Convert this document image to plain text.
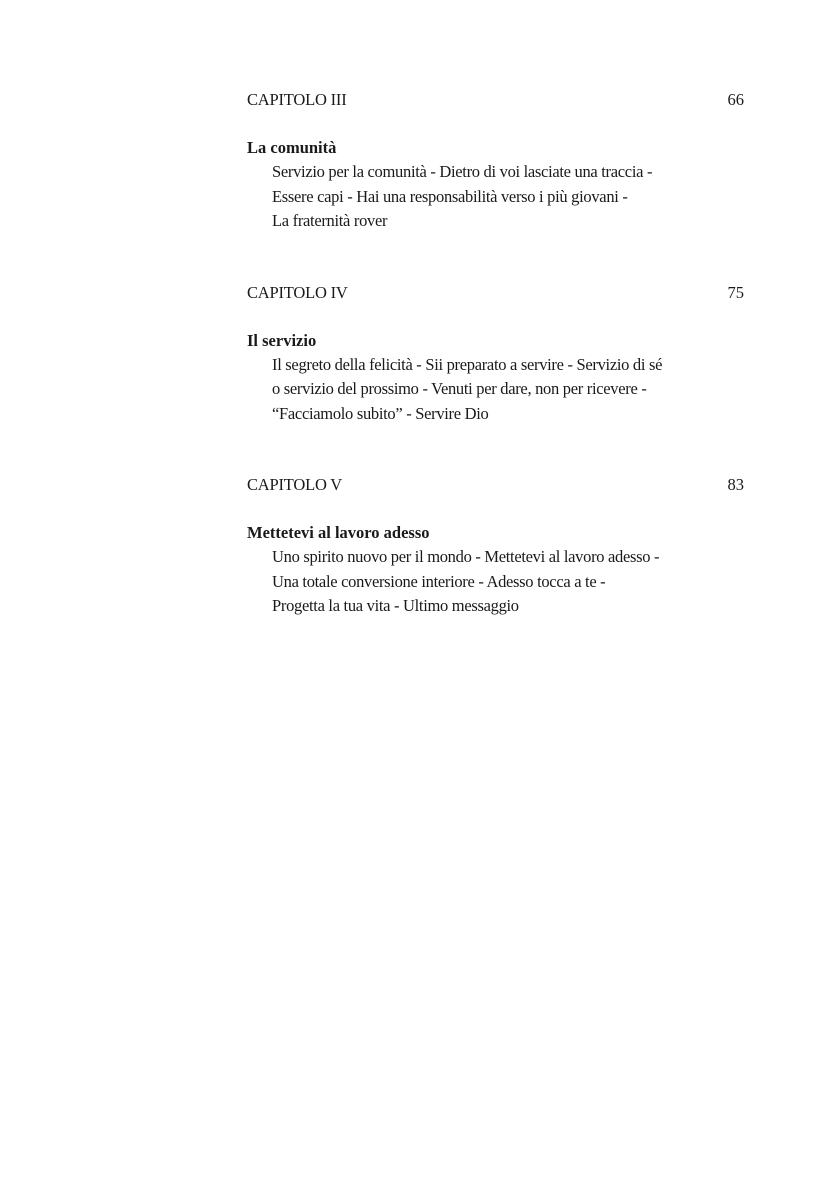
CAPITOLO III	66
La comunità
Servizio per la comunità - Dietro di voi lasciate una traccia -
Essere capi - Hai una responsabilità verso i più giovani -
La fraternità rover
CAPITOLO IV	75
Il servizio
Il segreto della felicità - Sii preparato a servire - Servizio di sé
o servizio del prossimo - Venuti per dare, non per ricevere -
“Facciamolo subito” - Servire Dio
CAPITOLO V	83
Mettetevi al lavoro adesso
Uno spirito nuovo per il mondo - Mettetevi al lavoro adesso -
Una totale conversione interiore - Adesso tocca a te -
Progetta la tua vita - Ultimo messaggio
